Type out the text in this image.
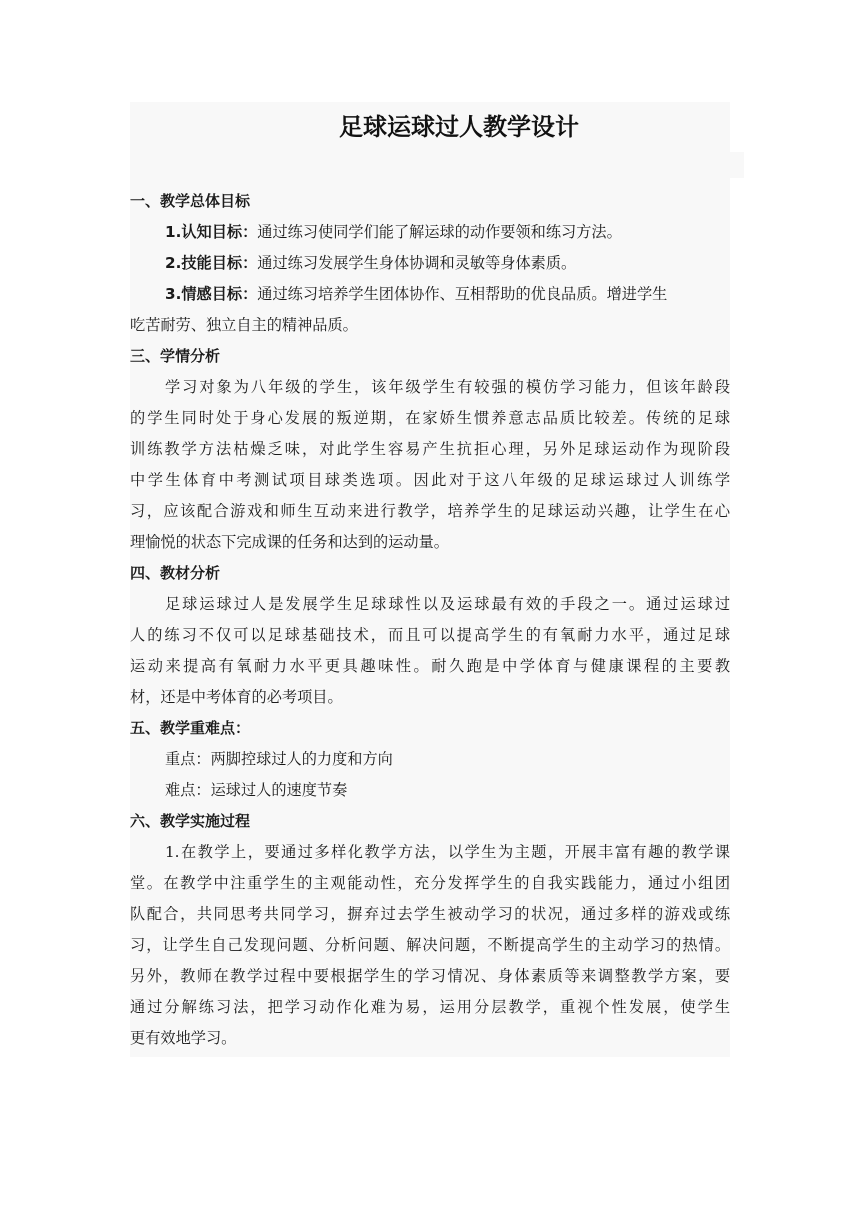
足球运球过人教学设计
一、教学总体目标
1.认知目标：通过练习使同学们能了解运球的动作要领和练习方法。
2.技能目标：通过练习发展学生身体协调和灵敏等身体素质。
3.情感目标：通过练习培养学生团体协作、互相帮助的优良品质。增进学生
吃苦耐劳、独立自主的精神品质。
三、学情分析
学习对象为八年级的学生，该年级学生有较强的模仿学习能力，但该年龄段
的学生同时处于身心发展的叛逆期，在家娇生惯养意志品质比较差。传统的足球
训练教学方法枯燥乏味，对此学生容易产生抗拒心理，另外足球运动作为现阶段
中学生体育中考测试项目球类选项。因此对于这八年级的足球运球过人训练学
习，应该配合游戏和师生互动来进行教学，培养学生的足球运动兴趣，让学生在心
理愉悦的状态下完成课的任务和达到的运动量。
四、教材分析
足球运球过人是发展学生足球球性以及运球最有效的手段之一。通过运球过
人的练习不仅可以足球基础技术，而且可以提高学生的有氧耐力水平，通过足球
运动来提高有氧耐力水平更具趣味性。耐久跑是中学体育与健康课程的主要教
材，还是中考体育的必考项目。
五、教学重难点：
重点：两脚控球过人的力度和方向
难点：运球过人的速度节奏
六、教学实施过程
1.在教学上，要通过多样化教学方法，以学生为主题，开展丰富有趣的教学课
堂。在教学中注重学生的主观能动性，充分发挥学生的自我实践能力，通过小组团
队配合，共同思考共同学习，摒弃过去学生被动学习的状况，通过多样的游戏或练
习，让学生自己发现问题、分析问题、解决问题，不断提高学生的主动学习的热情。
另外，教师在教学过程中要根据学生的学习情况、身体素质等来调整教学方案，要
通过分解练习法，把学习动作化难为易，运用分层教学，重视个性发展，使学生
更有效地学习。
